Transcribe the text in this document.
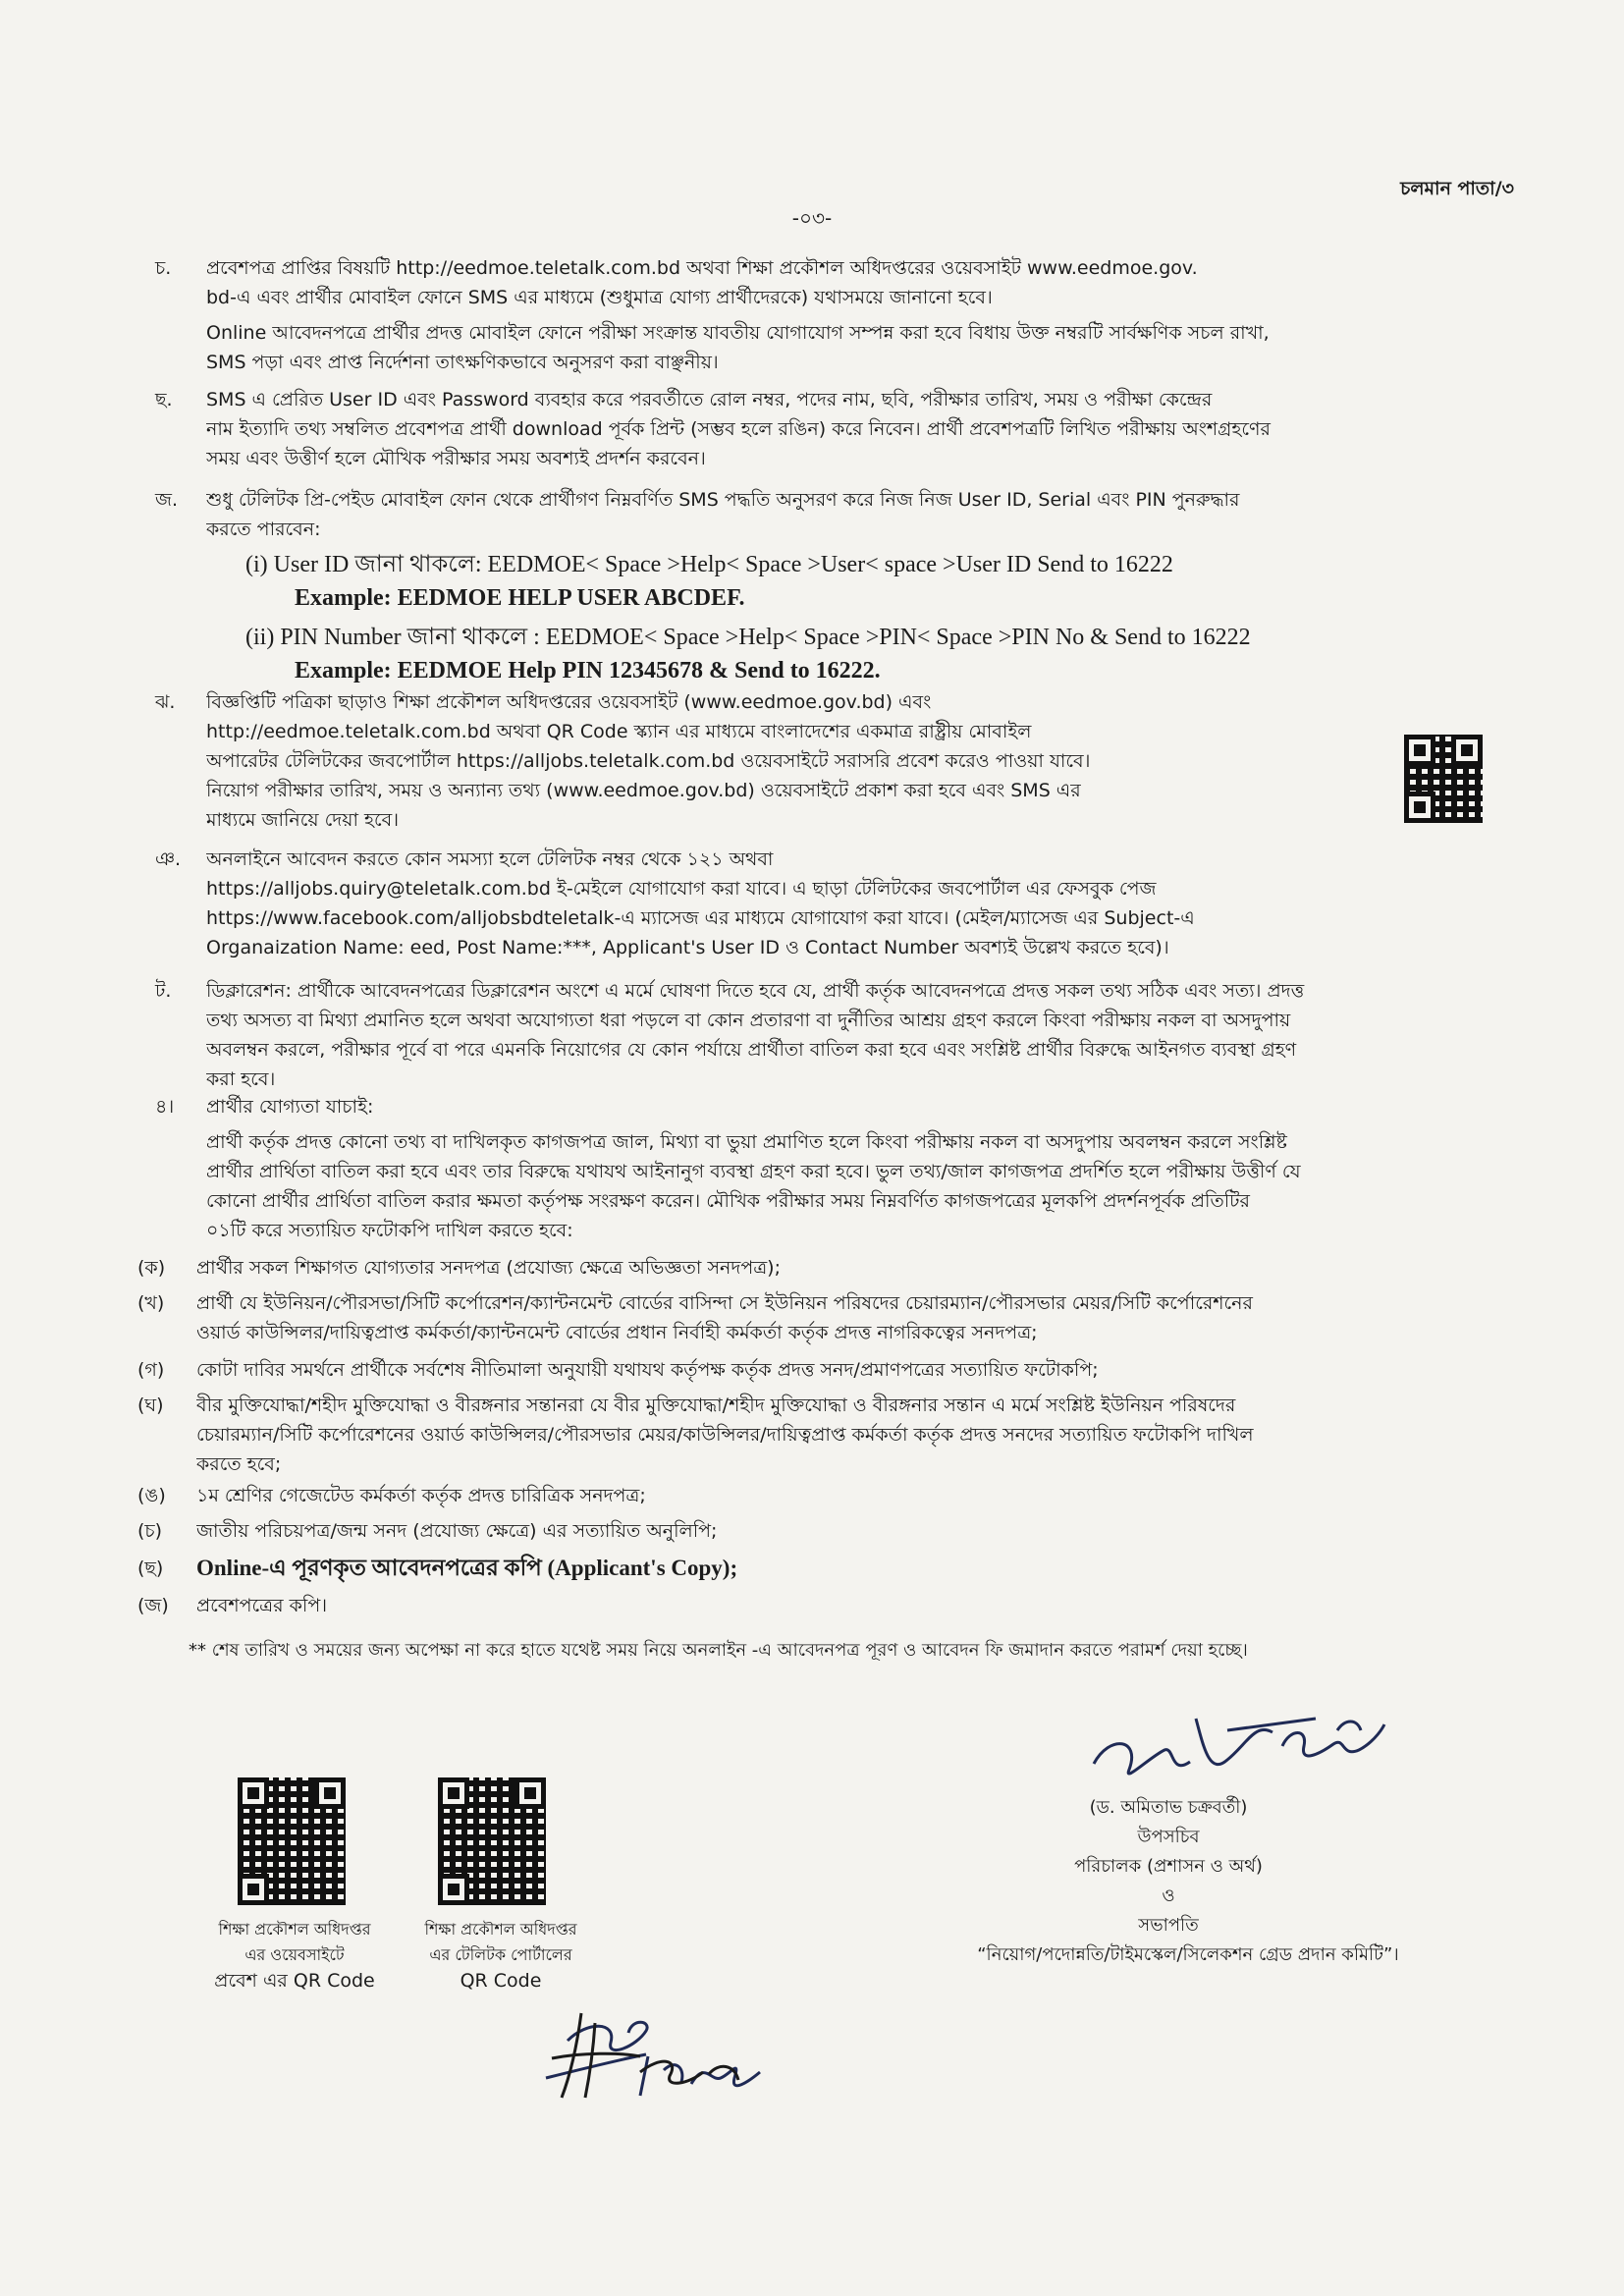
চলমান পাতা/৩
-০৩-
চ. প্রবেশপত্র প্রাপ্তির বিষয়টি http://eedmoe.teletalk.com.bd অথবা শিক্ষা প্রকৌশল অধিদপ্তরের ওয়েবসাইট www.eedmoe.gov.
bd-এ এবং প্রার্থীর মোবাইল ফোনে SMS এর মাধ্যমে (শুধুমাত্র যোগ্য প্রার্থীদেরকে) যথাসময়ে জানানো হবে।
Online আবেদনপত্রে প্রার্থীর প্রদত্ত মোবাইল ফোনে পরীক্ষা সংক্রান্ত যাবতীয় যোগাযোগ সম্পন্ন করা হবে বিধায় উক্ত নম্বরটি সার্বক্ষণিক সচল রাখা,
SMS পড়া এবং প্রাপ্ত নির্দেশনা তাৎক্ষণিকভাবে অনুসরণ করা বাঞ্ছনীয়।
ছ. SMS এ প্রেরিত User ID এবং Password ব্যবহার করে পরবর্তীতে রোল নম্বর, পদের নাম, ছবি, পরীক্ষার তারিখ, সময় ও পরীক্ষা কেন্দ্রের
নাম ইত্যাদি তথ্য সম্বলিত প্রবেশপত্র প্রার্থী download পূর্বক প্রিন্ট (সম্ভব হলে রঙিন) করে নিবেন। প্রার্থী প্রবেশপত্রটি লিখিত পরীক্ষায় অংশগ্রহণের
সময় এবং উত্তীর্ণ হলে মৌখিক পরীক্ষার সময় অবশ্যই প্রদর্শন করবেন।
জ. শুধু টেলিটক প্রি-পেইড মোবাইল ফোন থেকে প্রার্থীগণ নিম্নবর্ণিত SMS পদ্ধতি অনুসরণ করে নিজ নিজ User ID, Serial এবং PIN পুনরুদ্ধার
করতে পারবেন:
(i) User ID জানা থাকলে: EEDMOE< Space >Help< Space >User< space >User ID Send to 16222
Example: EEDMOE HELP USER ABCDEF.
(ii) PIN Number জানা থাকলে : EEDMOE< Space >Help< Space >PIN< Space >PIN No & Send to 16222
Example: EEDMOE Help PIN 12345678 & Send to 16222.
ঝ. বিজ্ঞপ্তিটি পত্রিকা ছাড়াও শিক্ষা প্রকৌশল অধিদপ্তরের ওয়েবসাইট (www.eedmoe.gov.bd) এবং
http://eedmoe.teletalk.com.bd অথবা QR Code স্ক্যান এর মাধ্যমে বাংলাদেশের একমাত্র রাষ্ট্রীয় মোবাইল
অপারেটর টেলিটকের জবপোর্টাল https://alljobs.teletalk.com.bd ওয়েবসাইটে সরাসরি প্রবেশ করেও পাওয়া যাবে।
নিয়োগ পরীক্ষার তারিখ, সময় ও অন্যান্য তথ্য (www.eedmoe.gov.bd) ওয়েবসাইটে প্রকাশ করা হবে এবং SMS এর
মাধ্যমে জানিয়ে দেয়া হবে।
ঞ. অনলাইনে আবেদন করতে কোন সমস্যা হলে টেলিটক নম্বর থেকে ১২১ অথবা
https://alljobs.quiry@teletalk.com.bd ই-মেইলে যোগাযোগ করা যাবে। এ ছাড়া টেলিটকের জবপোর্টাল এর ফেসবুক পেজ
https://www.facebook.com/alljobsbdteletalk-এ ম্যাসেজ এর মাধ্যমে যোগাযোগ করা যাবে। (মেইল/ম্যাসেজ এর Subject-এ
Organaization Name: eed, Post Name:***, Applicant's User ID ও Contact Number অবশ্যই উল্লেখ করতে হবে)।
ট. ডিক্লারেশন: প্রার্থীকে আবেদনপত্রের ডিক্লারেশন অংশে এ মর্মে ঘোষণা দিতে হবে যে, প্রার্থী কর্তৃক আবেদনপত্রে প্রদত্ত সকল তথ্য সঠিক এবং সত্য। প্রদত্ত
তথ্য অসত্য বা মিথ্যা প্রমানিত হলে অথবা অযোগ্যতা ধরা পড়লে বা কোন প্রতারণা বা দুর্নীতির আশ্রয় গ্রহণ করলে কিংবা পরীক্ষায় নকল বা অসদুপায়
অবলম্বন করলে, পরীক্ষার পূর্বে বা পরে এমনকি নিয়োগের যে কোন পর্যায়ে প্রার্থীতা বাতিল করা হবে এবং সংশ্লিষ্ট প্রার্থীর বিরুদ্ধে আইনগত ব্যবস্থা গ্রহণ
করা হবে।
৪। প্রার্থীর যোগ্যতা যাচাই:
প্রার্থী কর্তৃক প্রদত্ত কোনো তথ্য বা দাখিলকৃত কাগজপত্র জাল, মিথ্যা বা ভুয়া প্রমাণিত হলে কিংবা পরীক্ষায় নকল বা অসদুপায় অবলম্বন করলে সংশ্লিষ্ট
প্রার্থীর প্রার্থিতা বাতিল করা হবে এবং তার বিরুদ্ধে যথাযথ আইনানুগ ব্যবস্থা গ্রহণ করা হবে। ভুল তথ্য/জাল কাগজপত্র প্রদর্শিত হলে পরীক্ষায় উত্তীর্ণ যে
কোনো প্রার্থীর প্রার্থিতা বাতিল করার ক্ষমতা কর্তৃপক্ষ সংরক্ষণ করেন। মৌখিক পরীক্ষার সময় নিম্নবর্ণিত কাগজপত্রের মূলকপি প্রদর্শনপূর্বক প্রতিটির
০১টি করে সত্যায়িত ফটোকপি দাখিল করতে হবে:
(ক) প্রার্থীর সকল শিক্ষাগত যোগ্যতার সনদপত্র (প্রযোজ্য ক্ষেত্রে অভিজ্ঞতা সনদপত্র);
(খ) প্রার্থী যে ইউনিয়ন/পৌরসভা/সিটি কর্পোরেশন/ক্যান্টনমেন্ট বোর্ডের বাসিন্দা সে ইউনিয়ন পরিষদের চেয়ারম্যান/পৌরসভার মেয়র/সিটি কর্পোরেশনের
ওয়ার্ড কাউন্সিলর/দায়িত্বপ্রাপ্ত কর্মকর্তা/ক্যান্টনমেন্ট বোর্ডের প্রধান নির্বাহী কর্মকর্তা কর্তৃক প্রদত্ত নাগরিকত্বের সনদপত্র;
(গ) কোটা দাবির সমর্থনে প্রার্থীকে সর্বশেষ নীতিমালা অনুযায়ী যথাযথ কর্তৃপক্ষ কর্তৃক প্রদত্ত সনদ/প্রমাণপত্রের সত্যায়িত ফটোকপি;
(ঘ) বীর মুক্তিযোদ্ধা/শহীদ মুক্তিযোদ্ধা ও বীরঙ্গনার সন্তানরা যে বীর মুক্তিযোদ্ধা/শহীদ মুক্তিযোদ্ধা ও বীরঙ্গনার সন্তান এ মর্মে সংশ্লিষ্ট ইউনিয়ন পরিষদের
চেয়ারম্যান/সিটি কর্পোরেশনের ওয়ার্ড কাউন্সিলর/পৌরসভার মেয়র/কাউন্সিলর/দায়িত্বপ্রাপ্ত কর্মকর্তা কর্তৃক প্রদত্ত সনদের সত্যায়িত ফটোকপি দাখিল
করতে হবে;
(ঙ) ১ম শ্রেণির গেজেটেড কর্মকর্তা কর্তৃক প্রদত্ত চারিত্রিক সনদপত্র;
(চ) জাতীয় পরিচয়পত্র/জন্ম সনদ (প্রযোজ্য ক্ষেত্রে) এর সত্যায়িত অনুলিপি;
(ছ) Online-এ পূরণকৃত আবেদনপত্রের কপি (Applicant's Copy);
(জ) প্রবেশপত্রের কপি।
** শেষ তারিখ ও সময়ের জন্য অপেক্ষা না করে হাতে যথেষ্ট সময় নিয়ে অনলাইন -এ আবেদনপত্র পূরণ ও আবেদন ফি জমাদান করতে পরামর্শ দেয়া হচ্ছে।
শিক্ষা প্রকৌশল অধিদপ্তর
এর ওয়েবসাইটে
প্রবেশ এর QR Code
শিক্ষা প্রকৌশল অধিদপ্তর
এর টেলিটক পোর্টালের
QR Code
(ড. অমিতাভ চক্রবর্তী)
উপসচিব
পরিচালক (প্রশাসন ও অর্থ)
ও
সভাপতি
“নিয়োগ/পদোন্নতি/টাইমস্কেল/সিলেকশন গ্রেড প্রদান কমিটি”।
